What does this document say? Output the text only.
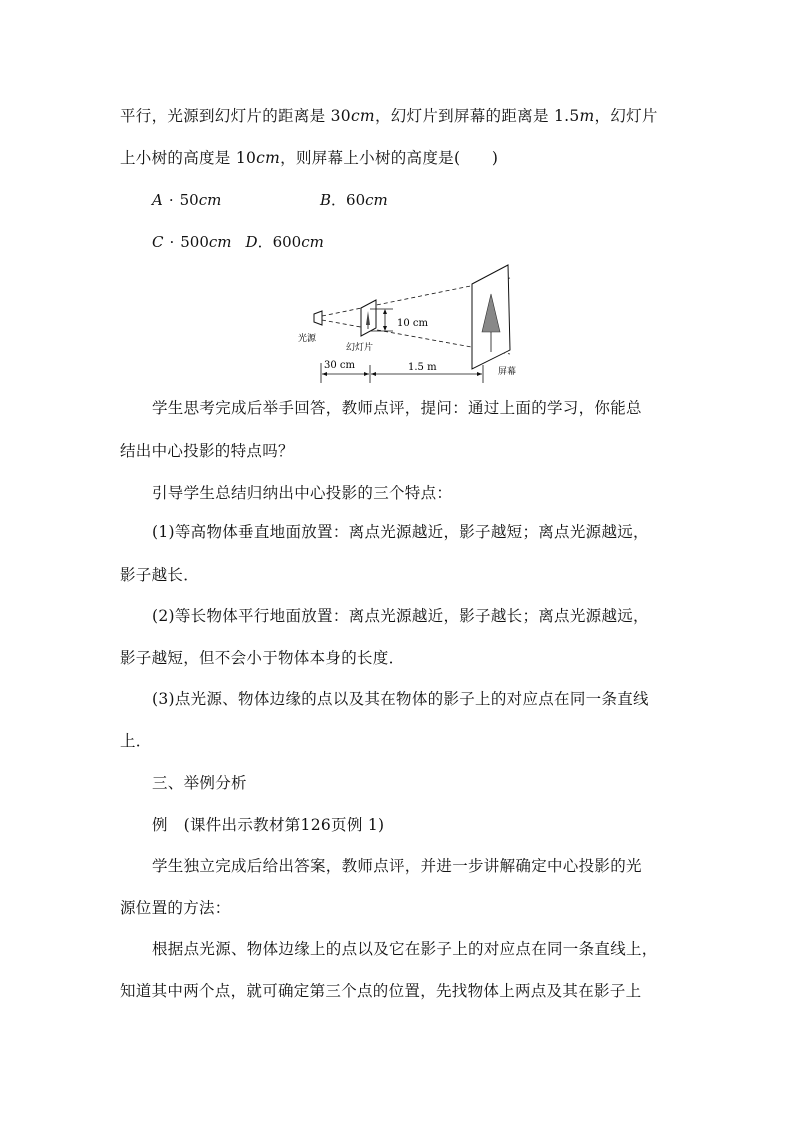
平行，光源到幻灯片的距离是 30cm，幻灯片到屏幕的距离是 1.5m，幻灯片
上小树的高度是 10cm，则屏幕上小树的高度是(　　)
A · 50cm	B．60cm
C · 500cm D．600cm
10 cm
光源
幻灯片
屏幕
30 cm	1.5 m
学生思考完成后举手回答，教师点评，提问：通过上面的学习，你能总
结出中心投影的特点吗？
引导学生总结归纳出中心投影的三个特点：
(1)等高物体垂直地面放置：离点光源越近，影子越短；离点光源越远，
影子越长．
(2)等长物体平行地面放置：离点光源越近，影子越长；离点光源越远，
影子越短，但不会小于物体本身的长度．
(3)点光源、物体边缘的点以及其在物体的影子上的对应点在同一条直线
上．
三、举例分析
例　(课件出示教材第126页例 1)
学生独立完成后给出答案，教师点评，并进一步讲解确定中心投影的光
源位置的方法：
根据点光源、物体边缘上的点以及它在影子上的对应点在同一条直线上，
知道其中两个点，就可确定第三个点的位置，先找物体上两点及其在影子上
